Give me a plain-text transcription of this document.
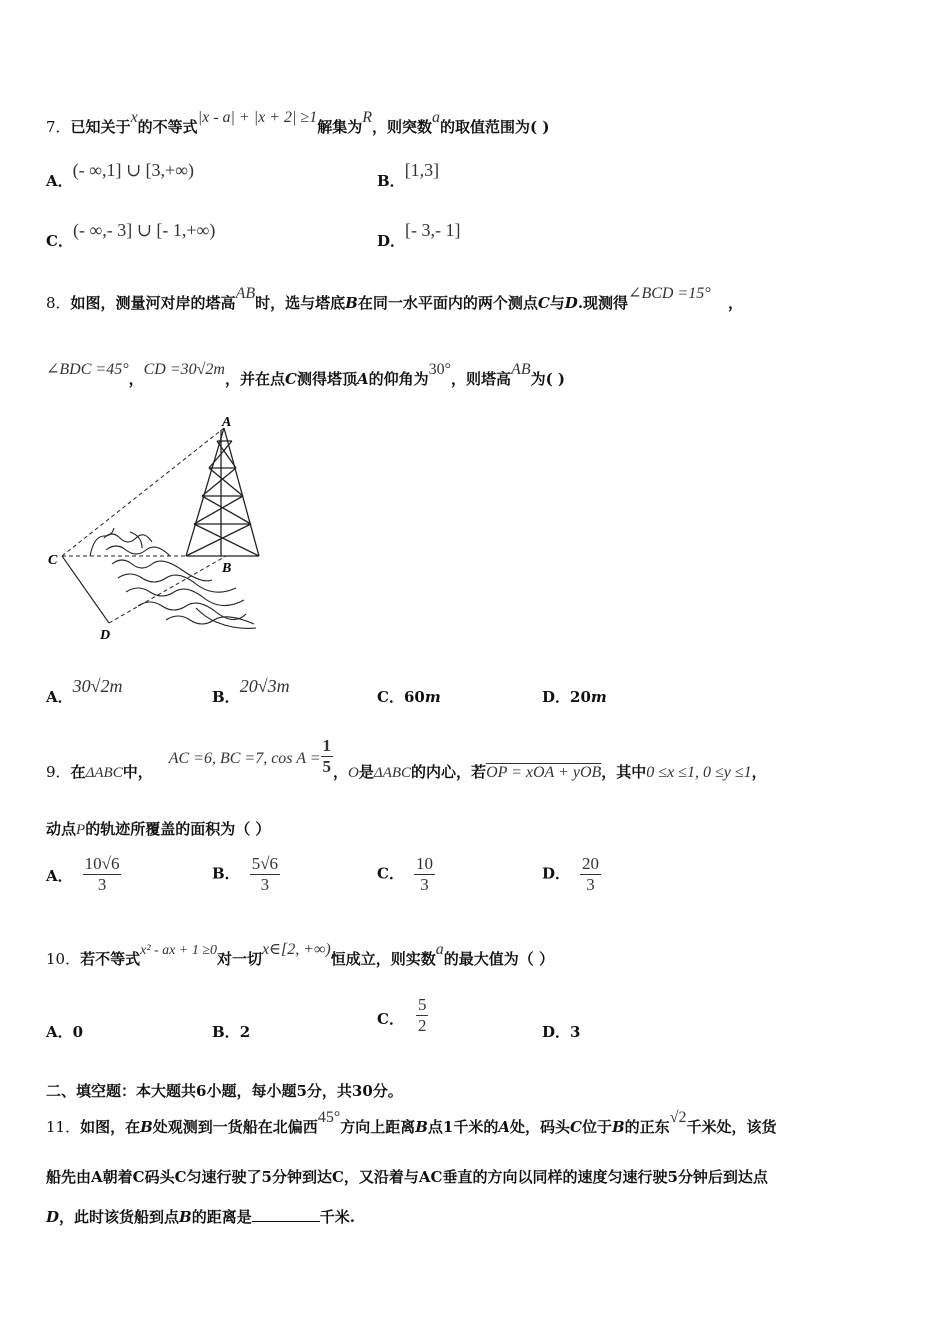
7．已知关于x的不等式|x - a| + |x + 2| ≥1解集为R，则突数a的取值范围为( )
A．(- ∞,1] ∪ [3,+∞)
B．[1,3]
C．(- ∞,- 3] ∪ [- 1,+∞)
D．[- 3,- 1]
8．如图，测量河对岸的塔高AB时，选与塔底B在同一水平面内的两个测点C与D.现测得∠BCD =15°，
∠BDC =45°，CD =30√2m，并在点C测得塔顶A的仰角为30°，则塔高AB为( )
A
B
C
D
A．30√2m
B．20√3m
C．60m	D．20m
9．在ΔABC中，AC =6, BC =7, $\cos A = \frac{1}{5}$ ，O是ΔABC的内心，若OP = xOA + yOB，其中0 ≤x ≤1, 0 ≤y ≤1，
动点P的轨迹所覆盖的面积为（ ）
A． $\frac{10√6}{3}$	B． $\frac{5√6}{3}$	C． $\frac{10}{3}$	D． $\frac{20}{3}$
10．若不等式x² - ax + 1 ≥0对一切x∈[2, +∞)恒成立，则实数a的最大值为（ ）
A．0	B．2
C． $\frac{5}{2}$	D．3
二、填空题：本大题共6小题，每小题5分，共30分。
11．如图，在B处观测到一货船在北偏西45°方向上距离B点1千米的A处，码头C位于B的正东√2千米处，该货
船先由A朝着C码头C匀速行驶了5分钟到达C，又沿着与AC垂直的方向以同样的速度匀速行驶5分钟后到达点
D，此时该货船到点B的距离是	千米.
